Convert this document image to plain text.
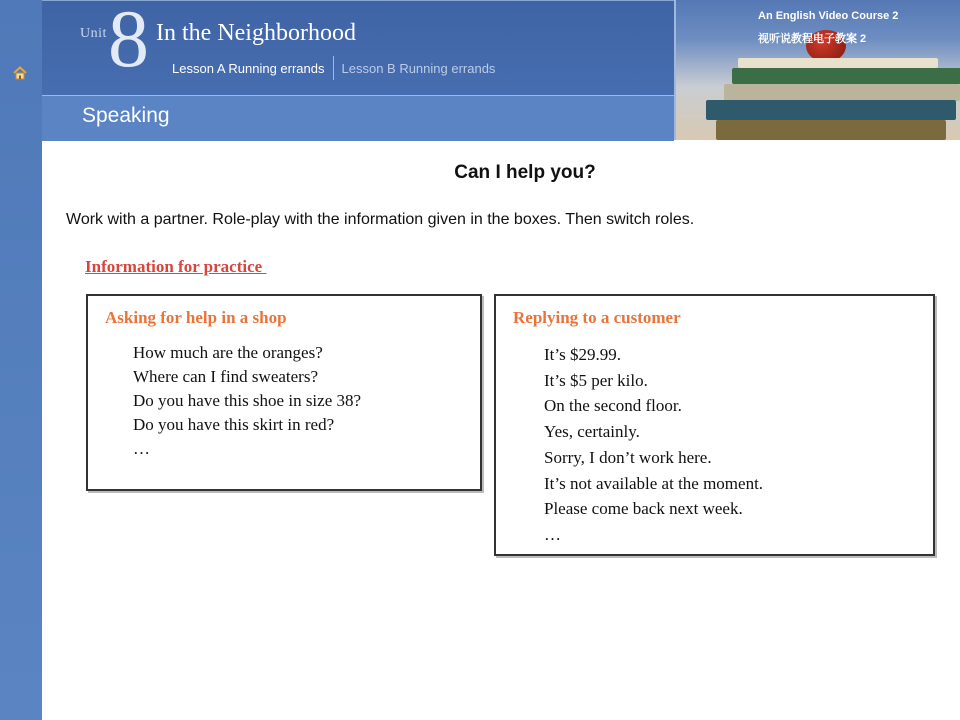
Unit 8 In the Neighborhood
Lesson A Running errands	Lesson B Running errands
Speaking
An English Video Course 2
视听说教程电子教案 2
Can I help you?
Work with a partner. Role-play with the information given in the boxes. Then switch roles.
Information for practice
Asking for help in a shop
How much are the oranges?
Where can I find sweaters?
Do you have this shoe in size 38?
Do you have this skirt in red?
…
Replying to a customer
It’s $29.99.
It’s $5 per kilo.
On the second floor.
Yes, certainly.
Sorry, I don’t work here.
It’s not available at the moment.
Please come back next week.
…
